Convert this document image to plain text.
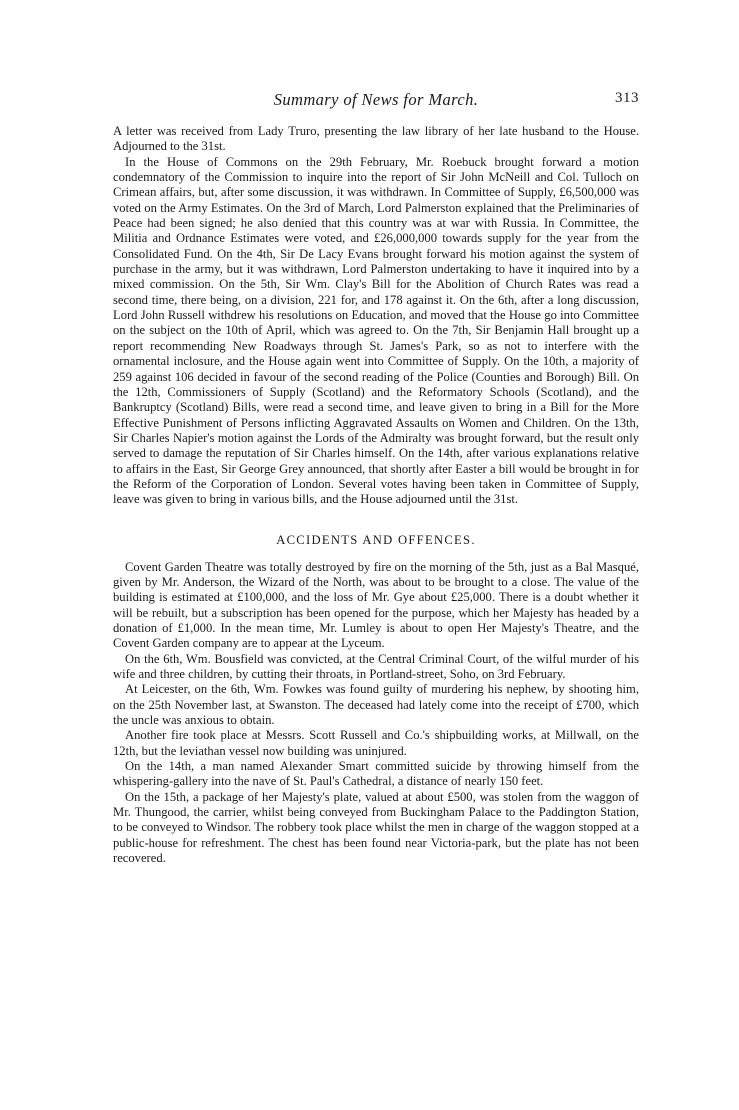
Summary of News for March.	313

A letter was received from Lady Truro, presenting the law library of her late husband to the House. Adjourned to the 31st.

In the House of Commons on the 29th February, Mr. Roebuck brought forward a motion condemnatory of the Commission to inquire into the report of Sir John McNeill and Col. Tulloch on Crimean affairs, but, after some discussion, it was withdrawn. In Committee of Supply, £6,500,000 was voted on the Army Estimates. On the 3rd of March, Lord Palmerston explained that the Preliminaries of Peace had been signed; he also denied that this country was at war with Russia. In Committee, the Militia and Ordnance Estimates were voted, and £26,000,000 towards supply for the year from the Consolidated Fund. On the 4th, Sir De Lacy Evans brought forward his motion against the system of purchase in the army, but it was withdrawn, Lord Palmerston undertaking to have it inquired into by a mixed commission. On the 5th, Sir Wm. Clay's Bill for the Abolition of Church Rates was read a second time, there being, on a division, 221 for, and 178 against it. On the 6th, after a long discussion, Lord John Russell withdrew his resolutions on Education, and moved that the House go into Committee on the subject on the 10th of April, which was agreed to. On the 7th, Sir Benjamin Hall brought up a report recommending New Roadways through St. James's Park, so as not to interfere with the ornamental inclosure, and the House again went into Committee of Supply. On the 10th, a majority of 259 against 106 decided in favour of the second reading of the Police (Counties and Borough) Bill. On the 12th, Commissioners of Supply (Scotland) and the Reformatory Schools (Scotland), and the Bankruptcy (Scotland) Bills, were read a second time, and leave given to bring in a Bill for the More Effective Punishment of Persons inflicting Aggravated Assaults on Women and Children. On the 13th, Sir Charles Napier's motion against the Lords of the Admiralty was brought forward, but the result only served to damage the reputation of Sir Charles himself. On the 14th, after various explanations relative to affairs in the East, Sir George Grey announced, that shortly after Easter a bill would be brought in for the Reform of the Corporation of London. Several votes having been taken in Committee of Supply, leave was given to bring in various bills, and the House adjourned until the 31st.

ACCIDENTS AND OFFENCES.

Covent Garden Theatre was totally destroyed by fire on the morning of the 5th, just as a Bal Masqué, given by Mr. Anderson, the Wizard of the North, was about to be brought to a close. The value of the building is estimated at £100,000, and the loss of Mr. Gye about £25,000. There is a doubt whether it will be rebuilt, but a subscription has been opened for the purpose, which her Majesty has headed by a donation of £1,000. In the mean time, Mr. Lumley is about to open Her Majesty's Theatre, and the Covent Garden company are to appear at the Lyceum.

On the 6th, Wm. Bousfield was convicted, at the Central Criminal Court, of the wilful murder of his wife and three children, by cutting their throats, in Portland-street, Soho, on 3rd February.

At Leicester, on the 6th, Wm. Fowkes was found guilty of murdering his nephew, by shooting him, on the 25th November last, at Swanston. The deceased had lately come into the receipt of £700, which the uncle was anxious to obtain.

Another fire took place at Messrs. Scott Russell and Co.'s shipbuilding works, at Millwall, on the 12th, but the leviathan vessel now building was uninjured.

On the 14th, a man named Alexander Smart committed suicide by throwing himself from the whispering-gallery into the nave of St. Paul's Cathedral, a distance of nearly 150 feet.

On the 15th, a package of her Majesty's plate, valued at about £500, was stolen from the waggon of Mr. Thungood, the carrier, whilst being conveyed from Buckingham Palace to the Paddington Station, to be conveyed to Windsor. The robbery took place whilst the men in charge of the waggon stopped at a public-house for refreshment. The chest has been found near Victoria-park, but the plate has not been recovered.
